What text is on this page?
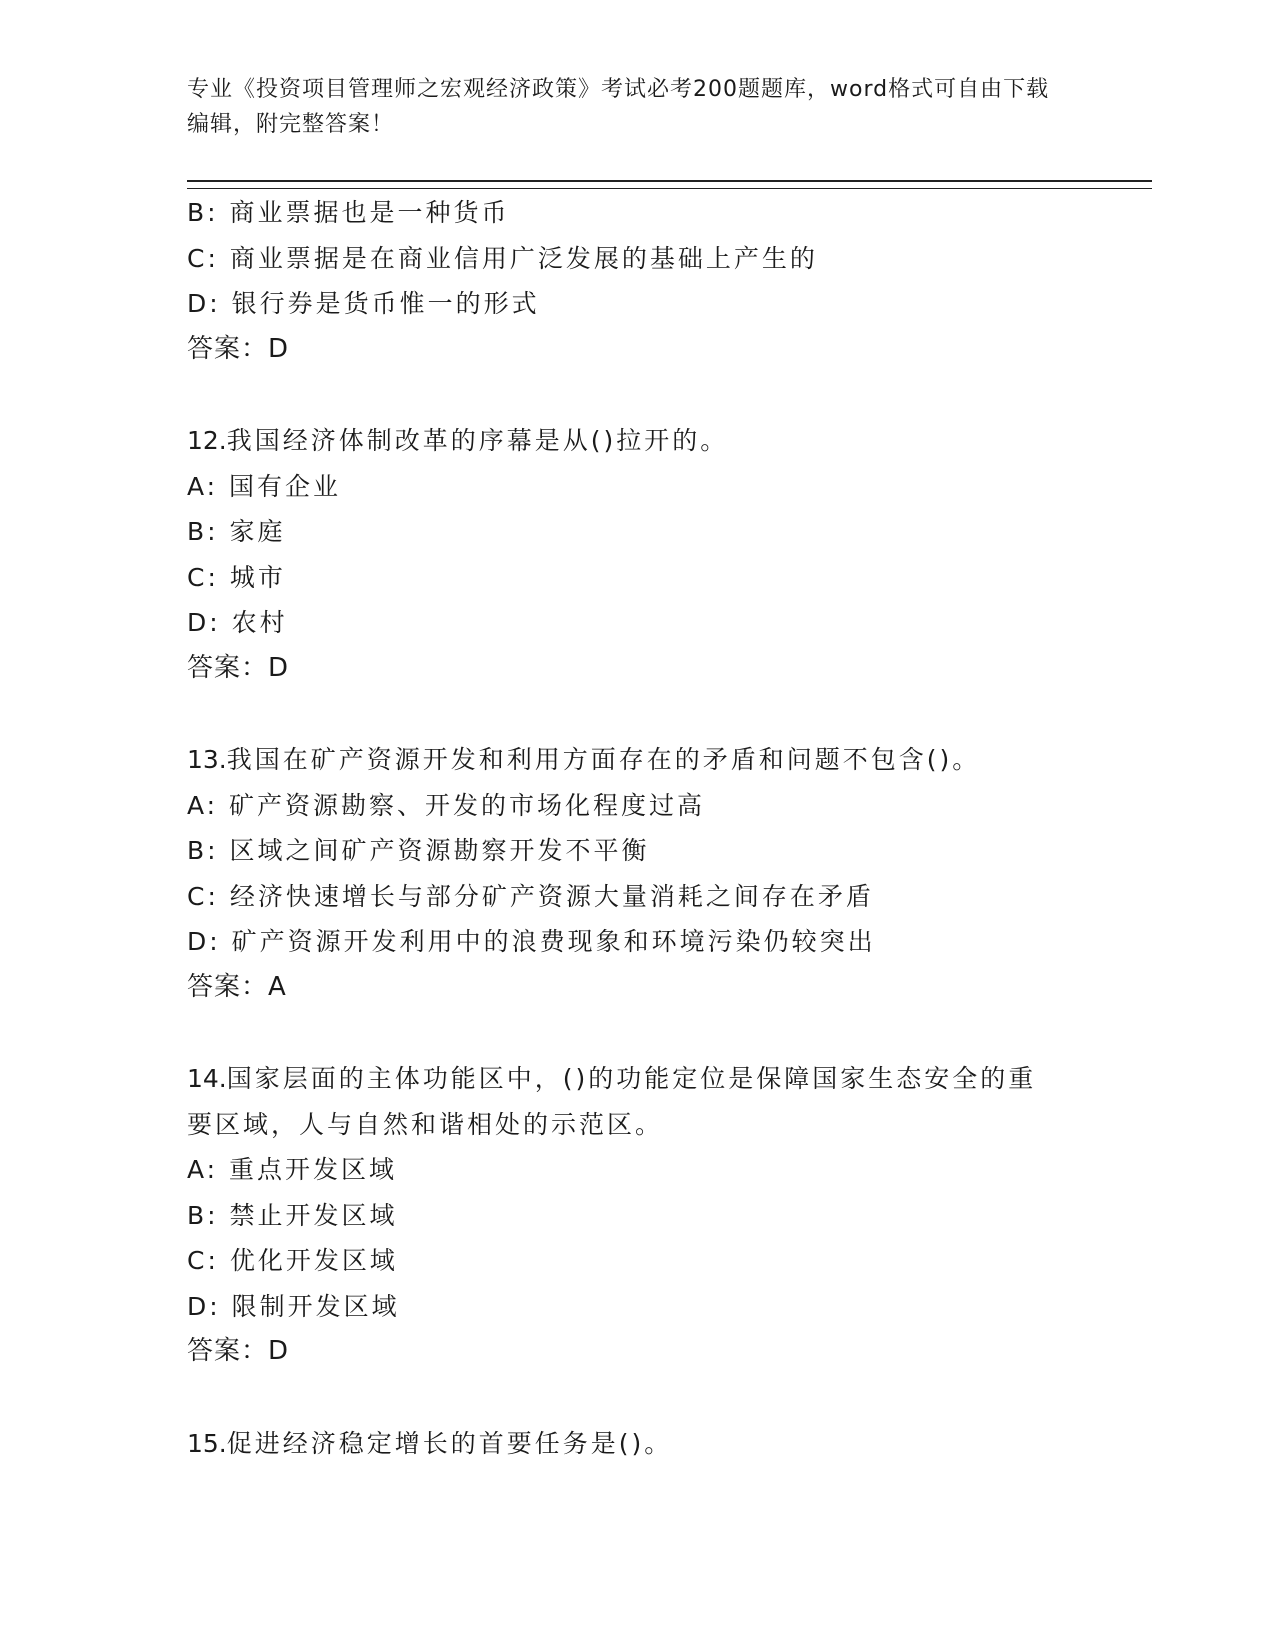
专业《投资项目管理师之宏观经济政策》考试必考200题题库，word格式可自由下载编辑，附完整答案！
B: 商业票据也是一种货币
C: 商业票据是在商业信用广泛发展的基础上产生的
D: 银行券是货币惟一的形式
答案：D
12.我国经济体制改革的序幕是从()拉开的。
A: 国有企业
B: 家庭
C: 城市
D: 农村
答案：D
13.我国在矿产资源开发和利用方面存在的矛盾和问题不包含()。
A: 矿产资源勘察、开发的市场化程度过高
B: 区域之间矿产资源勘察开发不平衡
C: 经济快速增长与部分矿产资源大量消耗之间存在矛盾
D: 矿产资源开发利用中的浪费现象和环境污染仍较突出
答案：A
14.国家层面的主体功能区中，()的功能定位是保障国家生态安全的重要区域，人与自然和谐相处的示范区。
A: 重点开发区域
B: 禁止开发区域
C: 优化开发区域
D: 限制开发区域
答案：D
15.促进经济稳定增长的首要任务是()。
